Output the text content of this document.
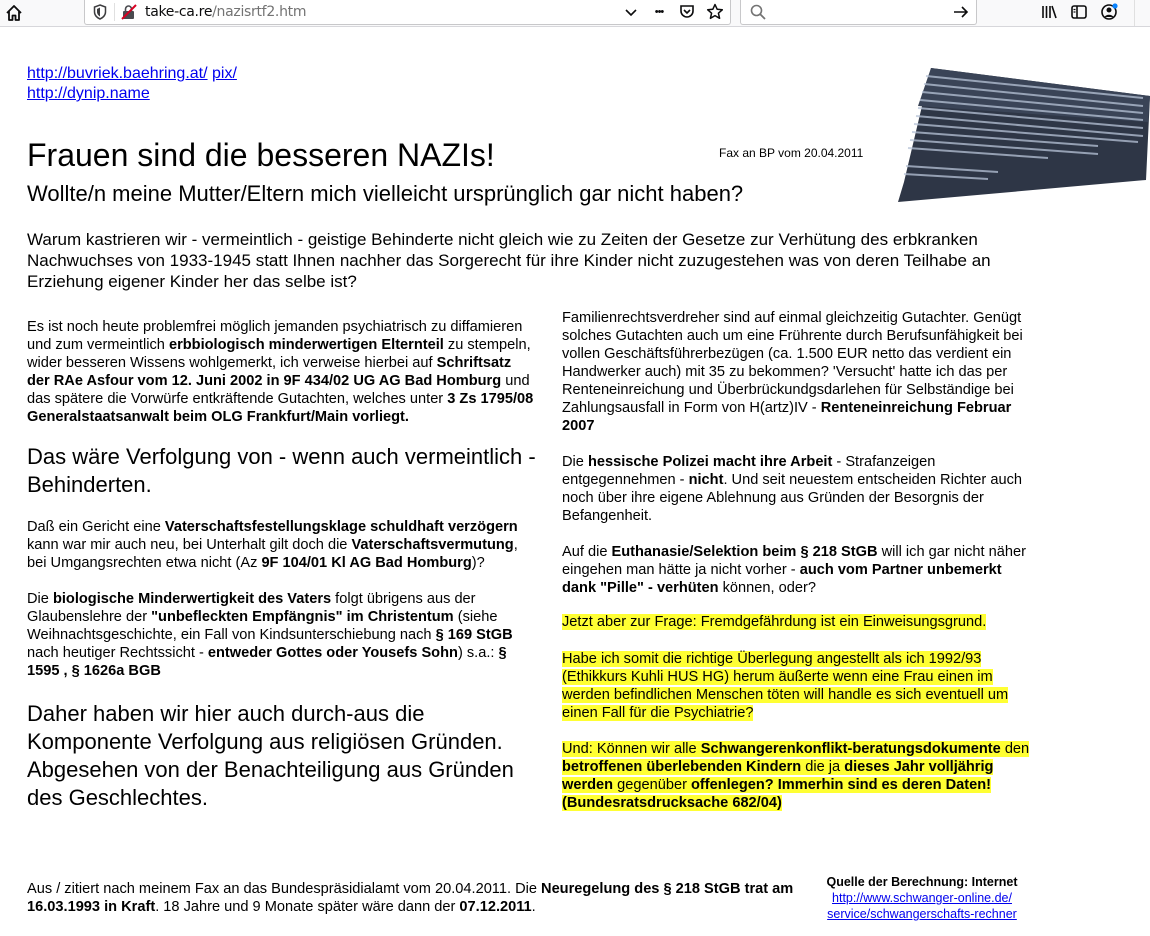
take-ca.re/nazisrtf2.htm	•••
http://buvriek.baehring.at/ pix/
http://dynip.name
Frauen sind die besseren NAZIs!	Fax an BP vom 20.04.2011
Wollte/n meine Mutter/Eltern mich vielleicht ursprünglich gar nicht haben?

Warum kastrieren wir - vermeintlich - geistige Behinderte nicht gleich wie zu Zeiten der Gesetze zur Verhütung des erbkranken Nachwuchses von 1933-1945 statt Ihnen nachher das Sorgerecht für ihre Kinder nicht zuzugestehen was von deren Teilhabe an Erziehung eigener Kinder her das selbe ist?

Es ist noch heute problemfrei möglich jemanden psychiatrisch zu diffamieren und zum vermeintlich erbbiologisch minderwertigen Elternteil zu stempeln, wider besseren Wissens wohlgemerkt, ich verweise hierbei auf Schriftsatz der RAe Asfour vom 12. Juni 2002 in 9F 434/02 UG AG Bad Homburg und das spätere die Vorwürfe entkräftende Gutachten, welches unter 3 Zs 1795/08 Generalstaatsanwalt beim OLG Frankfurt/Main vorliegt.

Das wäre Verfolgung von - wenn auch vermeintlich - Behinderten.

Daß ein Gericht eine Vaterschaftsfestellungsklage schuldhaft verzögern kann war mir auch neu, bei Unterhalt gilt doch die Vaterschaftsvermutung, bei Umgangsrechten etwa nicht (Az 9F 104/01 Kl AG Bad Homburg)?

Die biologische Minderwertigkeit des Vaters folgt übrigens aus der Glaubenslehre der "unbefleckten Empfängnis" im Christentum (siehe Weihnachtsgeschichte, ein Fall von Kindsunterschiebung nach § 169 StGB nach heutiger Rechtssicht - entweder Gottes oder Yousefs Sohn) s.a.: § 1595 , § 1626a BGB

Daher haben wir hier auch durch-aus die Komponente Verfolgung aus religiösen Gründen. Abgesehen von der Benachteiligung aus Gründen des Geschlechtes.

Familienrechtsverdreher sind auf einmal gleichzeitig Gutachter. Genügt solches Gutachten auch um eine Frührente durch Berufsunfähigkeit bei vollen Geschäftsführerbezügen (ca. 1.500 EUR netto das verdient ein Handwerker auch) mit 35 zu bekommen? 'Versucht' hatte ich das per Renteneinreichung und Überbrückundgsdarlehen für Selbständige bei Zahlungsausfall in Form von H(artz)IV - Renteneinreichung Februar 2007

Die hessische Polizei macht ihre Arbeit - Strafanzeigen entgegennehmen - nicht. Und seit neuestem entscheiden Richter auch noch über ihre eigene Ablehnung aus Gründen der Besorgnis der Befangenheit.

Auf die Euthanasie/Selektion beim § 218 StGB will ich gar nicht näher eingehen man hätte ja nicht vorher - auch vom Partner unbemerkt dank "Pille" - verhüten können, oder?

Jetzt aber zur Frage: Fremdgefährdung ist ein Einweisungsgrund.

Habe ich somit die richtige Überlegung angestellt als ich 1992/93 (Ethikkurs Kuhli HUS HG) herum äußerte wenn eine Frau einen im werden befindlichen Menschen töten will handle es sich eventuell um einen Fall für die Psychiatrie?

Und: Können wir alle Schwangerenkonflikt-beratungsdokumente den betroffenen überlebenden Kindern die ja dieses Jahr volljährig werden gegenüber offenlegen? Immerhin sind es deren Daten! (Bundesratsdrucksache 682/04)

Aus / zitiert nach meinem Fax an das Bundespräsidialamt vom 20.04.2011. Die Neuregelung des § 218 StGB trat am 16.03.1993 in Kraft. 18 Jahre und 9 Monate später wäre dann der 07.12.2011.

Quelle der Berechnung: Internet
http://www.schwanger-online.de/
service/schwangerschafts-rechner
